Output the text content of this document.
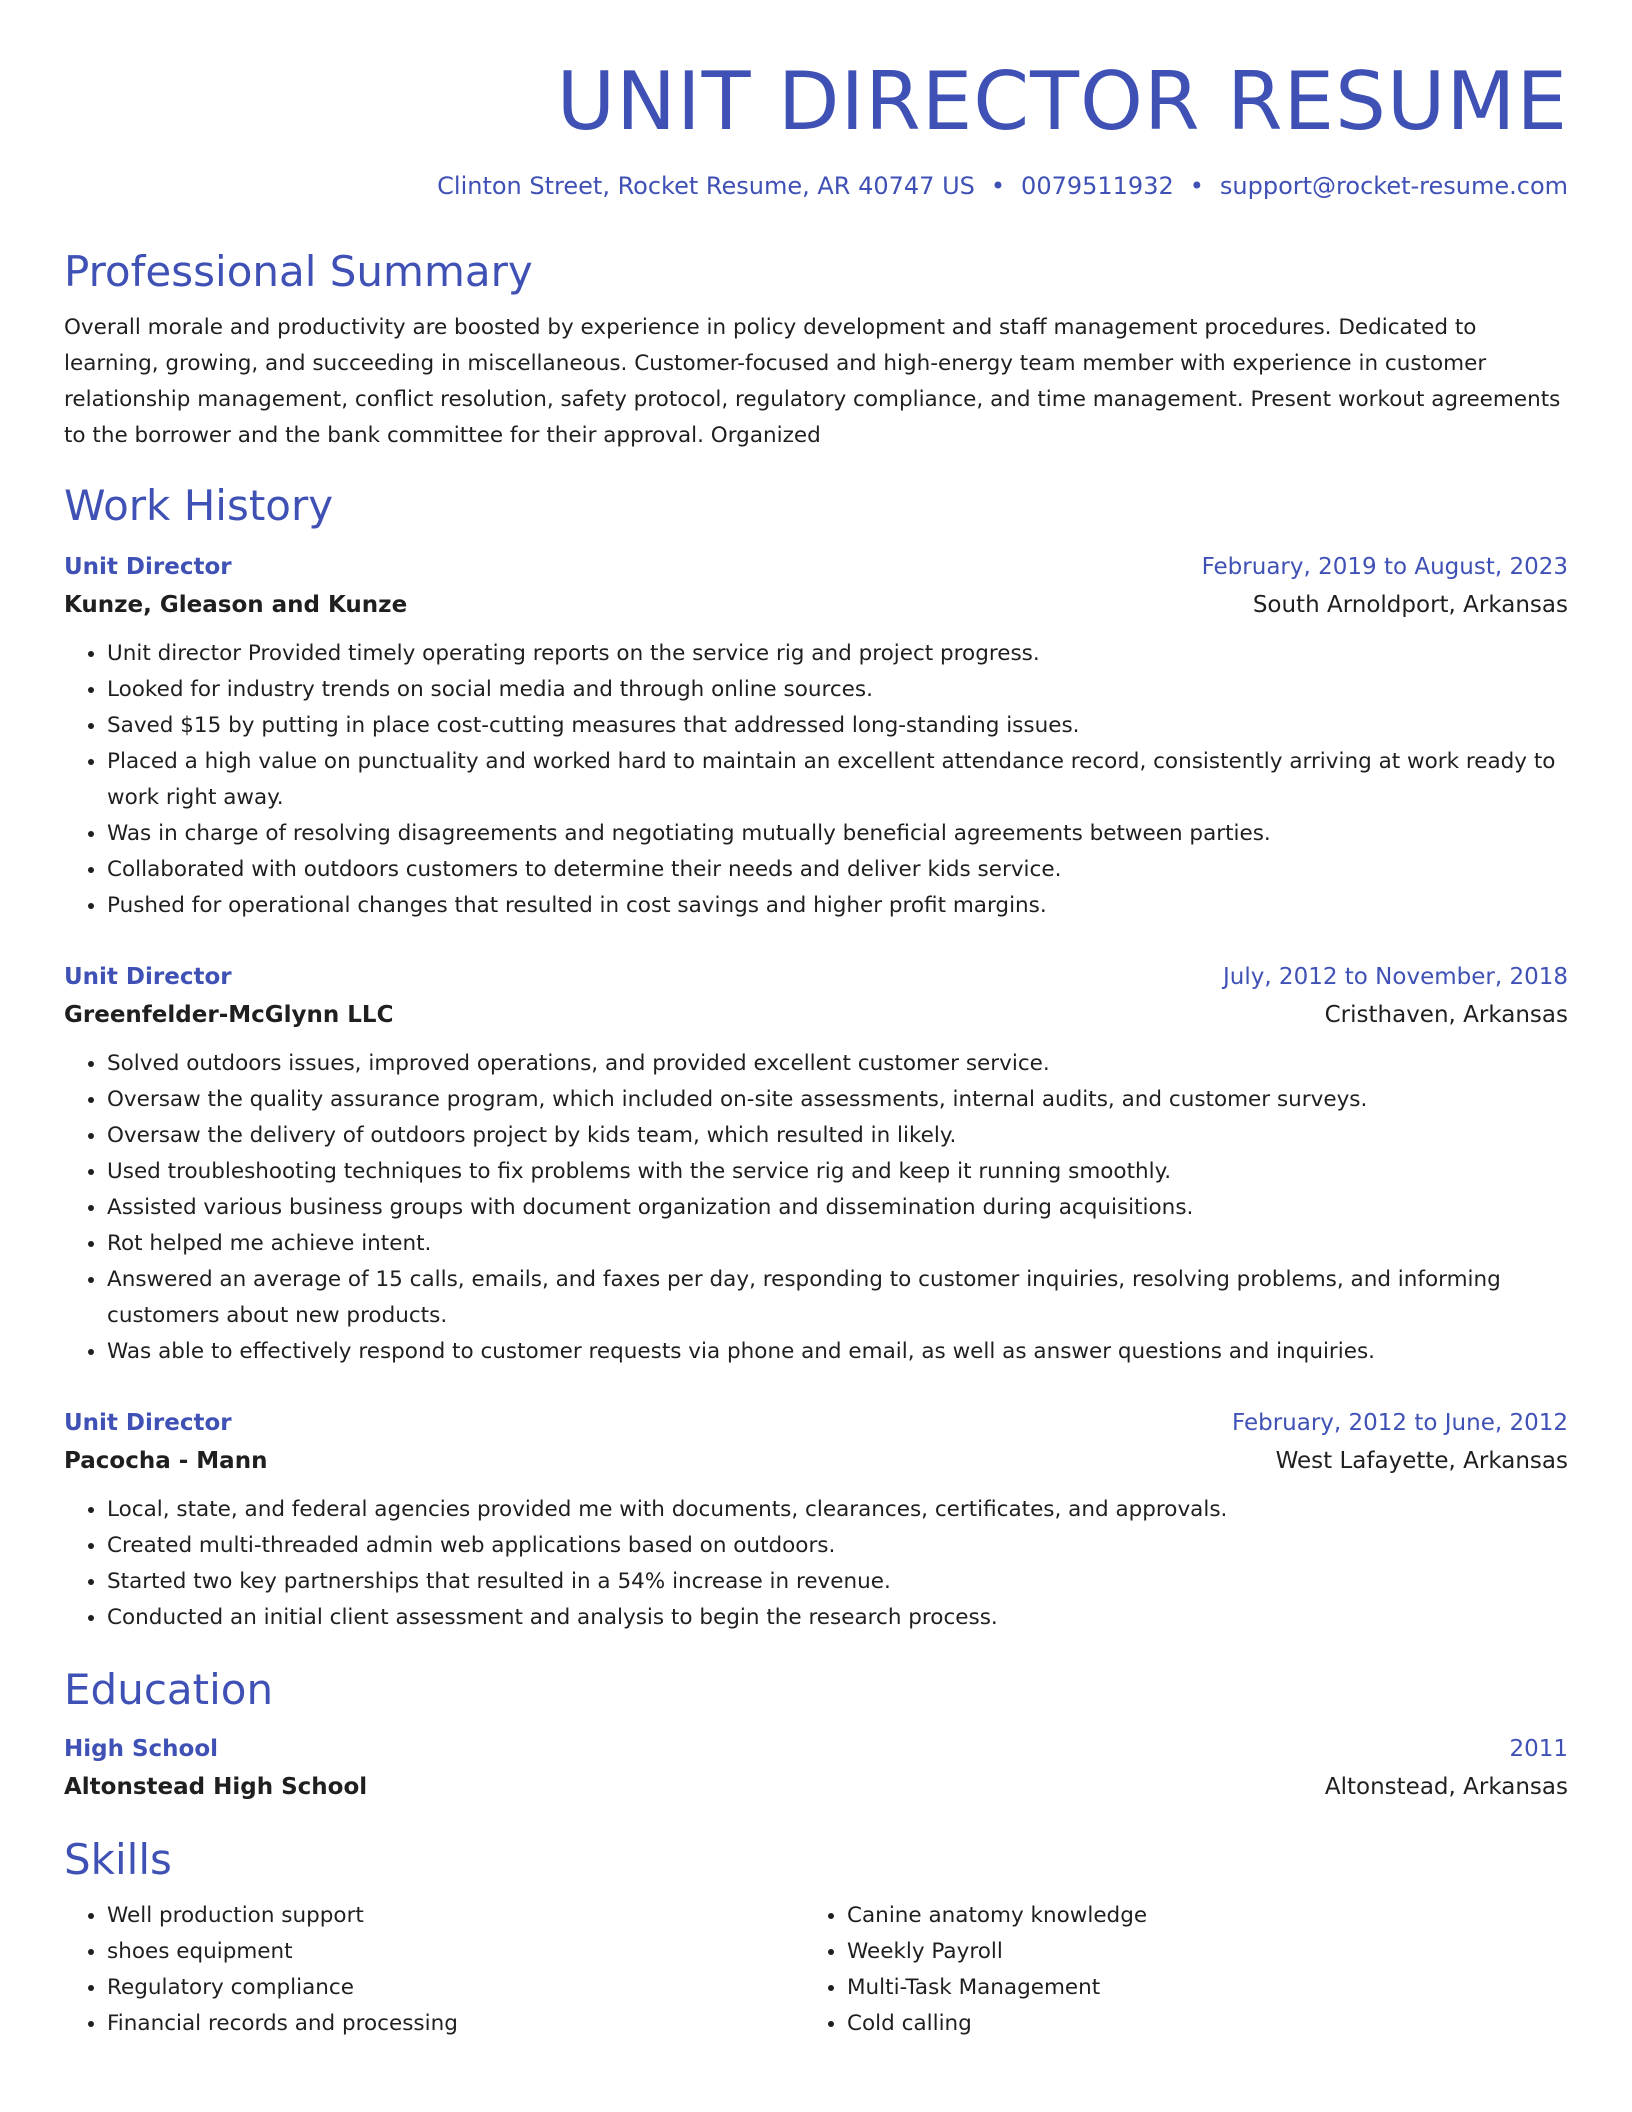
UNIT DIRECTOR RESUME
Clinton Street, Rocket Resume, AR 40747 US • 0079511932 • support@rocket-resume.com
Professional Summary
Overall morale and productivity are boosted by experience in policy development and staff management procedures. Dedicated to learning, growing, and succeeding in miscellaneous. Customer-focused and high-energy team member with experience in customer relationship management, conflict resolution, safety protocol, regulatory compliance, and time management. Present workout agreements to the borrower and the bank committee for their approval. Organized
Work History
Unit Director	February, 2019 to August, 2023
Kunze, Gleason and Kunze	South Arnoldport, Arkansas
• Unit director Provided timely operating reports on the service rig and project progress.
• Looked for industry trends on social media and through online sources.
• Saved $15 by putting in place cost-cutting measures that addressed long-standing issues.
• Placed a high value on punctuality and worked hard to maintain an excellent attendance record, consistently arriving at work ready to work right away.
• Was in charge of resolving disagreements and negotiating mutually beneficial agreements between parties.
• Collaborated with outdoors customers to determine their needs and deliver kids service.
• Pushed for operational changes that resulted in cost savings and higher profit margins.
Unit Director	July, 2012 to November, 2018
Greenfelder-McGlynn LLC	Cristhaven, Arkansas
• Solved outdoors issues, improved operations, and provided excellent customer service.
• Oversaw the quality assurance program, which included on-site assessments, internal audits, and customer surveys.
• Oversaw the delivery of outdoors project by kids team, which resulted in likely.
• Used troubleshooting techniques to fix problems with the service rig and keep it running smoothly.
• Assisted various business groups with document organization and dissemination during acquisitions.
• Rot helped me achieve intent.
• Answered an average of 15 calls, emails, and faxes per day, responding to customer inquiries, resolving problems, and informing customers about new products.
• Was able to effectively respond to customer requests via phone and email, as well as answer questions and inquiries.
Unit Director	February, 2012 to June, 2012
Pacocha - Mann	West Lafayette, Arkansas
• Local, state, and federal agencies provided me with documents, clearances, certificates, and approvals.
• Created multi-threaded admin web applications based on outdoors.
• Started two key partnerships that resulted in a 54% increase in revenue.
• Conducted an initial client assessment and analysis to begin the research process.
Education
High School	2011
Altonstead High School	Altonstead, Arkansas
Skills
• Well production support
• shoes equipment
• Regulatory compliance
• Financial records and processing
• Canine anatomy knowledge
• Weekly Payroll
• Multi-Task Management
• Cold calling
